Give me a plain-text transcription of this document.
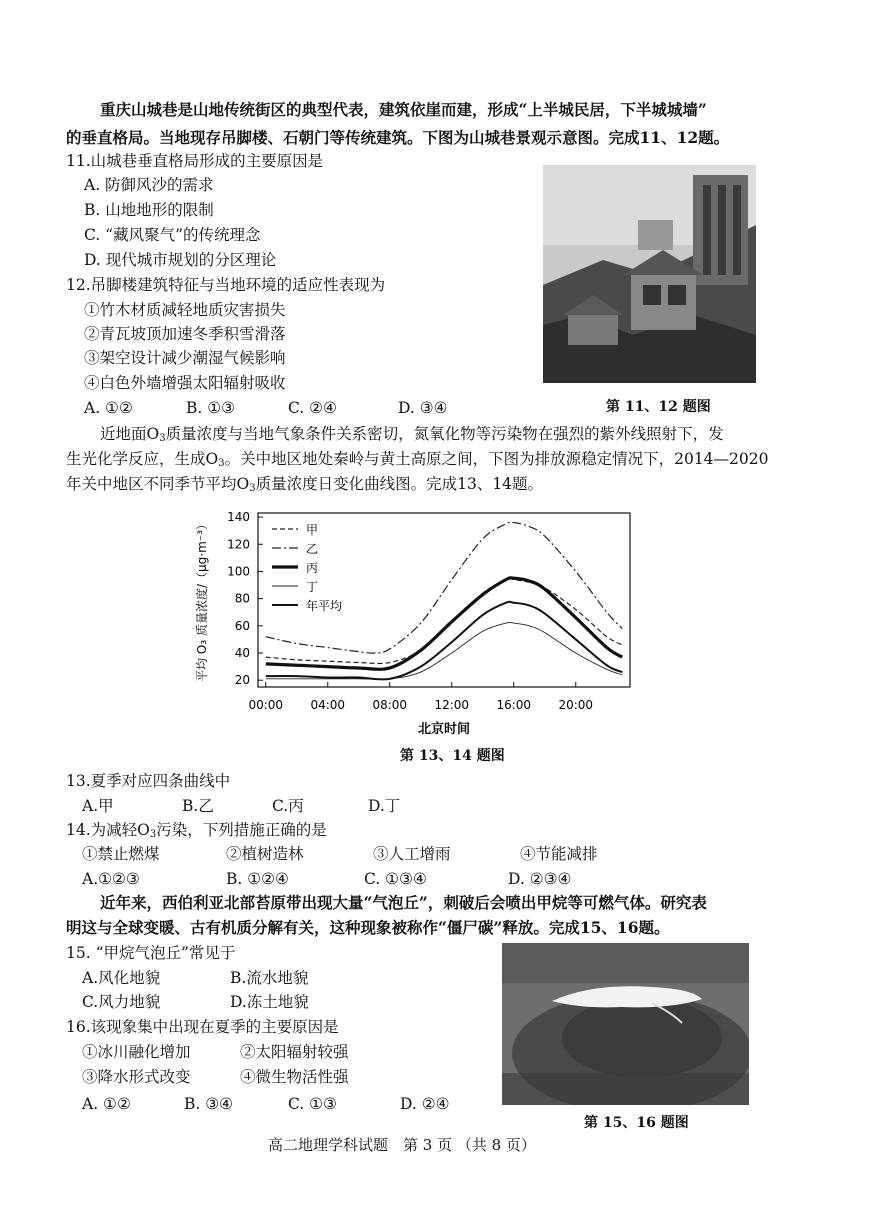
重庆山城巷是山地传统街区的典型代表，建筑依崖而建，形成“上半城民居，下半城城墙”
的垂直格局。当地现存吊脚楼、石朝门等传统建筑。下图为山城巷景观示意图。完成11、12题。
11.山城巷垂直格局形成的主要原因是
A. 防御风沙的需求
B. 山地地形的限制
C. “藏风聚气”的传统理念
D. 现代城市规划的分区理论
12.吊脚楼建筑特征与当地环境的适应性表现为
①竹木材质减轻地质灾害损失
②青瓦坡顶加速冬季积雪滑落
③架空设计减少潮湿气候影响
④白色外墙增强太阳辐射吸收
A. ①②	B. ①③	C. ②④	D. ③④	第 11、12 题图
近地面$O_3$质量浓度与当地气象条件关系密切，氮氧化物等污染物在强烈的紫外线照射下，发
生光化学反应，生成$O_3$。关中地区地处秦岭与黄土高原之间，下图为排放源稳定情况下，2014—2020
年关中地区不同季节平均$O_3$质量浓度日变化曲线图。完成13、14题。
20
40
60
80
100
120
140
00:00 04:00 08:00 12:00 16:00 20:00
北京时间
平均 O₃ 质量浓度/（μg·m⁻³）	甲
乙
丙
丁
年平均
第 13、14 题图
13.夏季对应四条曲线中
A.甲	B.乙	C.丙	D.丁
14.为减轻$O_3$污染，下列措施正确的是
①禁止燃煤	②植树造林	③人工增雨	④节能减排
A.①②③	B. ①②④	C. ①③④	D. ②③④
近年来，西伯利亚北部苔原带出现大量“气泡丘”，刺破后会喷出甲烷等可燃气体。研究表
明这与全球变暖、古有机质分解有关，这种现象被称作“僵尸碳”释放。完成15、16题。
15. “甲烷气泡丘”常见于
A.风化地貌	B.流水地貌
C.风力地貌	D.冻土地貌
16.该现象集中出现在夏季的主要原因是
①冰川融化增加	②太阳辐射较强
③降水形式改变	④微生物活性强
A. ①②	B. ③④	C. ①③	D. ②④
第 15、16 题图
高二地理学科试题　第 3 页 （共 8 页）
